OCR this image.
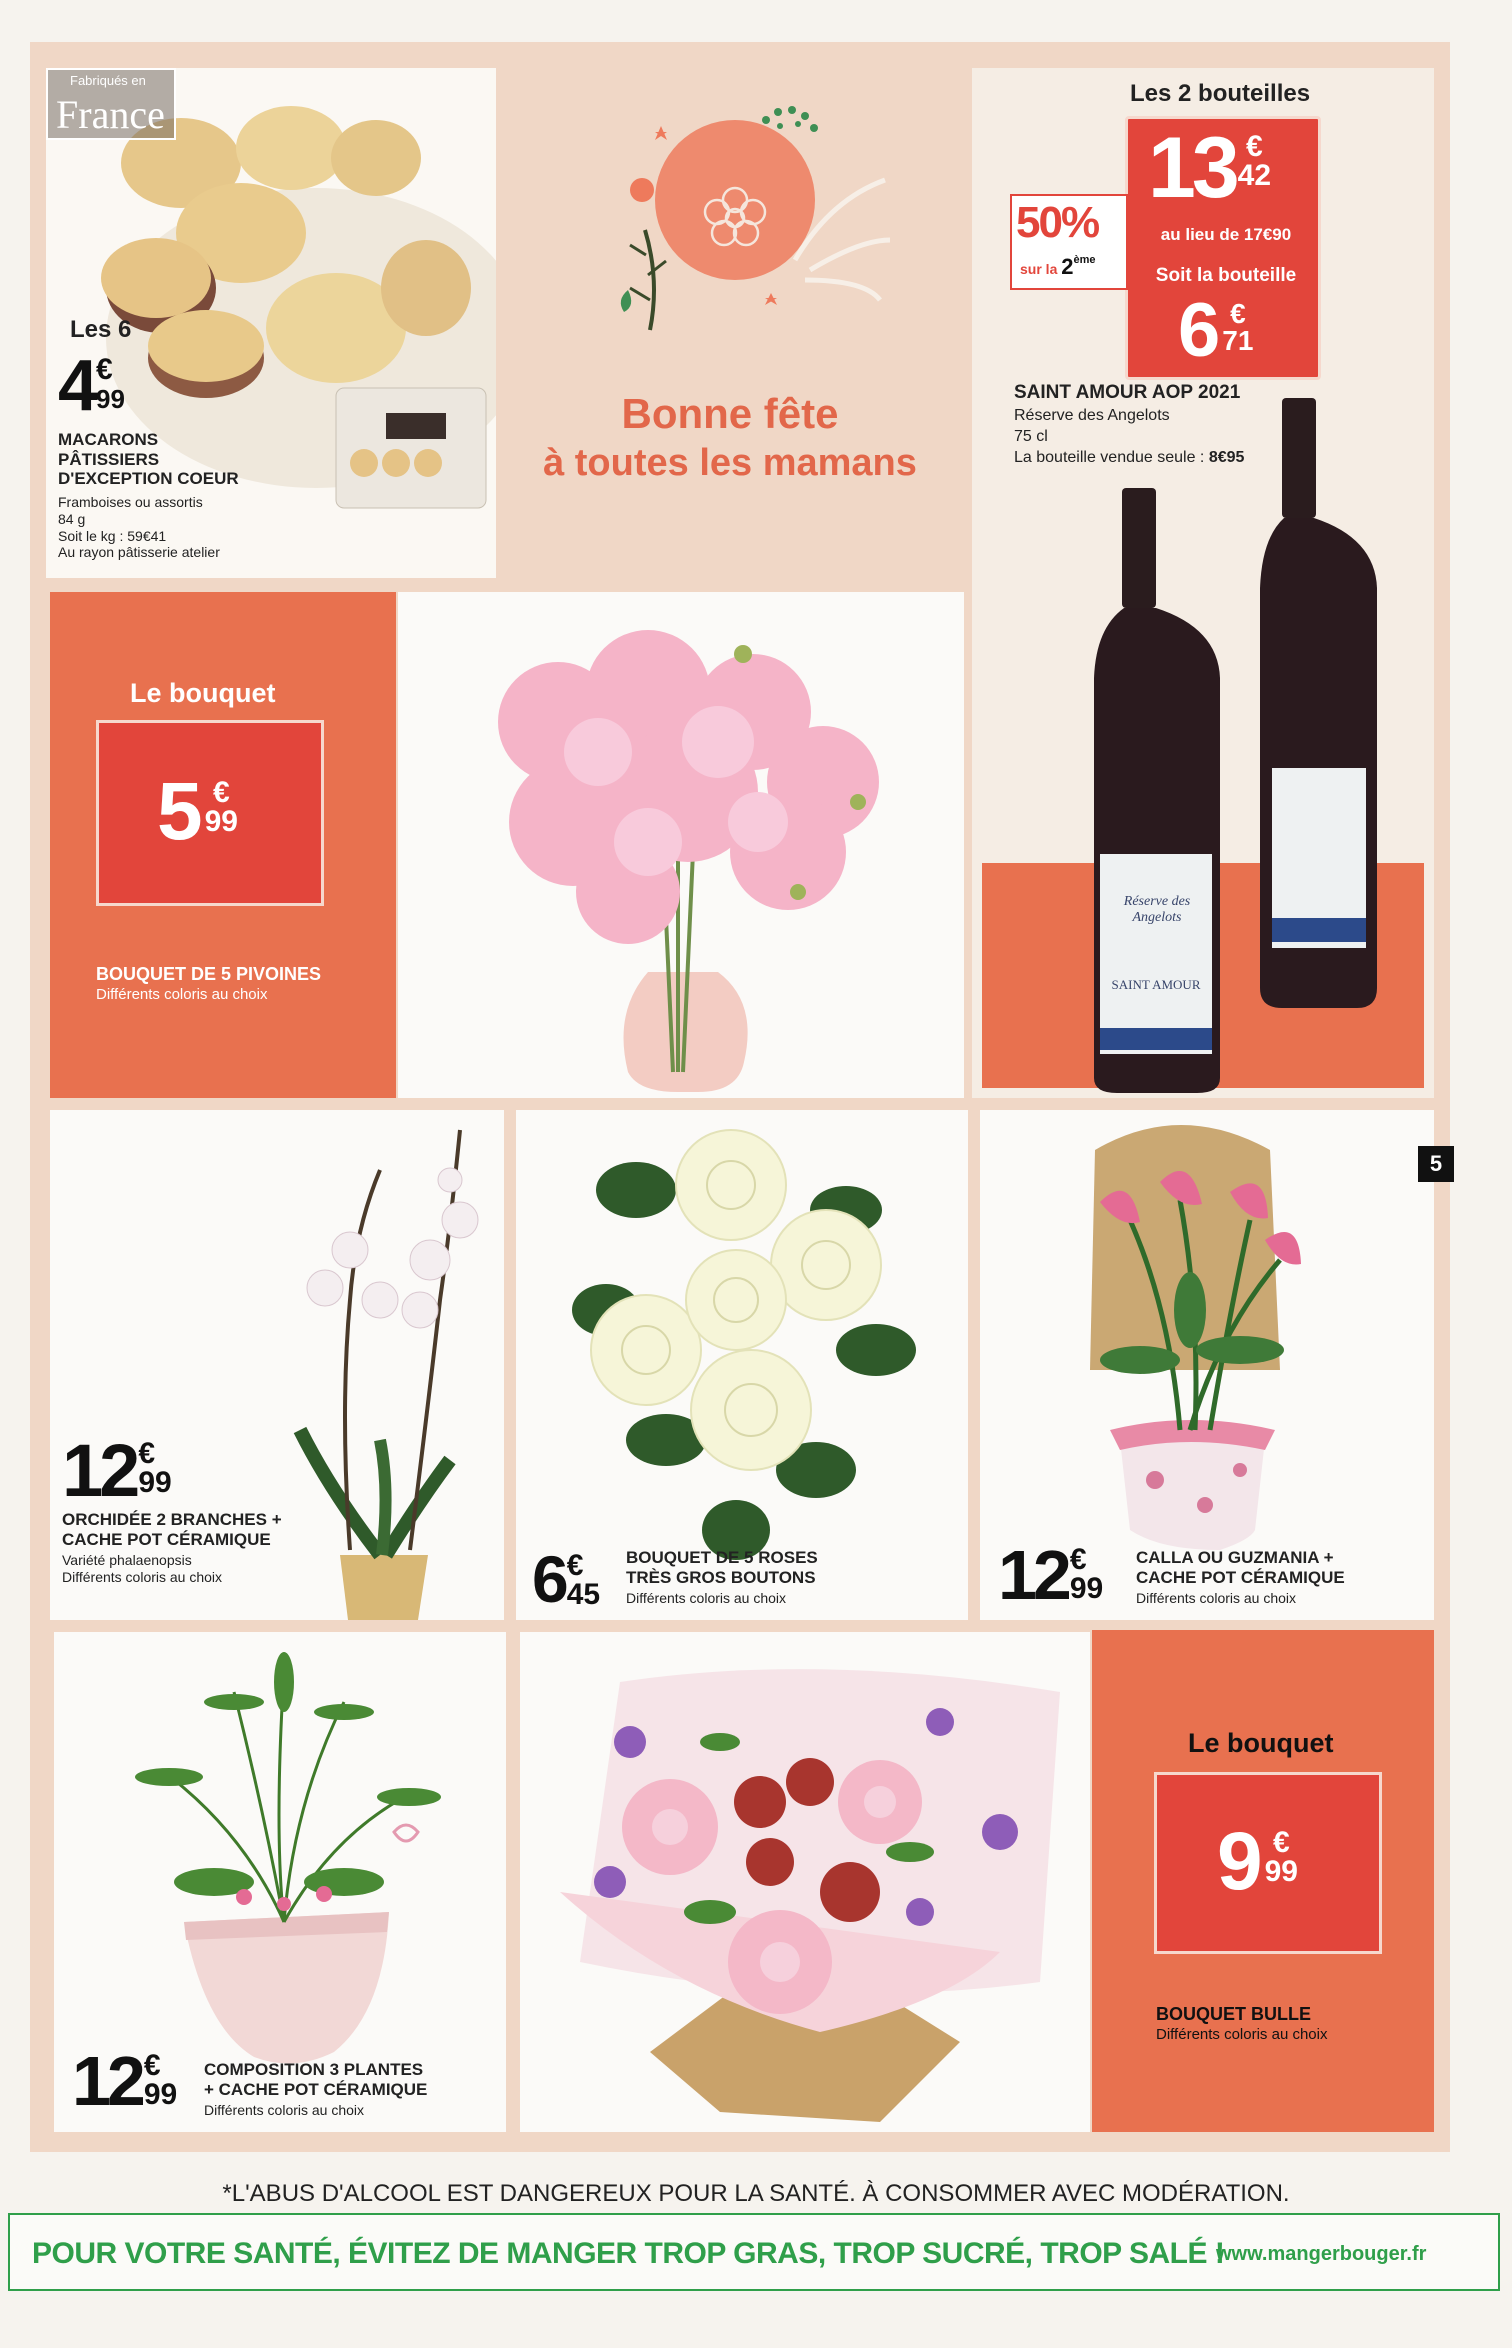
Fabriqués en
France
Les 6
4€
99
MACARONS
PÂTISSIERS
D'EXCEPTION COEUR
Framboises ou assortis
84 g
Soit le kg : 59€41
Au rayon pâtisserie atelier
Bonne fête
à toutes les mamans
Les 2 bouteilles
13 €
42
au lieu de 17€90
Soit la bouteille
6 €
71
50%
sur la 2ème
SAINT AMOUR AOP 2021
Réserve des Angelots
75 cl
La bouteille vendue seule : 8€95
Réserve des Angelots
SAINT AMOUR
Le bouquet
5 €
99
BOUQUET DE 5 PIVOINES
Différents coloris au choix
12€
99
ORCHIDÉE 2 BRANCHES +
CACHE POT CÉRAMIQUE
Variété phalaenopsis
Différents coloris au choix	6€
45
BOUQUET DE 5 ROSES
TRÈS GROS BOUTONS
Différents coloris au choix	12€
99
CALLA OU GUZMANIA +
CACHE POT CÉRAMIQUE
Différents coloris au choix
5
12€
99
COMPOSITION 3 PLANTES
+ CACHE POT CÉRAMIQUE
Différents coloris au choix
Le bouquet
9 €
99
BOUQUET BULLE
Différents coloris au choix
*L'ABUS D'ALCOOL EST DANGEREUX POUR LA SANTÉ. À CONSOMMER AVEC MODÉRATION.
POUR VOTRE SANTÉ, ÉVITEZ DE MANGER TROP GRAS, TROP SUCRÉ, TROP SALÉ !
www.mangerbouger.fr
